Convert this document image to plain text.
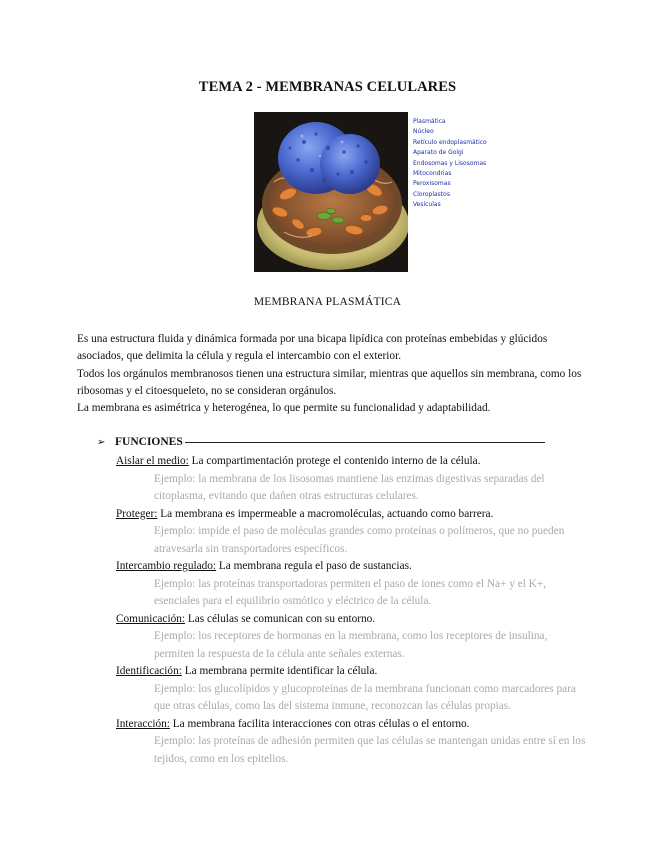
TEMA 2 - MEMBRANAS CELULARES
Plasmática
Núcleo
Retículo endoplasmático
Aparato de Golgi
Endosomas y Lisosomas
Mitocondrias
Peroxisomas
Cloroplastos
Vesículas
MEMBRANA PLASMÁTICA

Es una estructura fluida y dinámica formada por una bicapa lipídica con proteínas embebidas y glúcidos asociados, que delimita la célula y regula el intercambio con el exterior.

Todos los orgánulos membranosos tienen una estructura similar, mientras que aquellos sin membrana, como los ribosomas y el citoesqueleto, no se consideran orgánulos.

La membrana es asimétrica y heterogénea, lo que permite su funcionalidad y adaptabilidad.

➢ FUNCIONES
Aislar el medio: La compartimentación protege el contenido interno de la célula.
Ejemplo: la membrana de los lisosomas mantiene las enzimas digestivas separadas del citoplasma, evitando que dañen otras estructuras celulares.
Proteger: La membrana es impermeable a macromoléculas, actuando como barrera.
Ejemplo: impide el paso de moléculas grandes como proteínas o polímeros, que no pueden atravesarla sin transportadores específicos.
Intercambio regulado: La membrana regula el paso de sustancias.
Ejemplo: las proteínas transportadoras permiten el paso de iones como el Na+ y el K+, esenciales para el equilibrio osmótico y eléctrico de la célula.
Comunicación: Las células se comunican con su entorno.
Ejemplo: los receptores de hormonas en la membrana, como los receptores de insulina, permiten la respuesta de la célula ante señales externas.
Identificación: La membrana permite identificar la célula.
Ejemplo: los glucolípidos y glucoproteínas de la membrana funcionan como marcadores para que otras células, como las del sistema inmune, reconozcan las células propias.
Interacción: La membrana facilita interacciones con otras células o el entorno.
Ejemplo: las proteínas de adhesión permiten que las células se mantengan unidas entre sí en los tejidos, como en los epitelios.
